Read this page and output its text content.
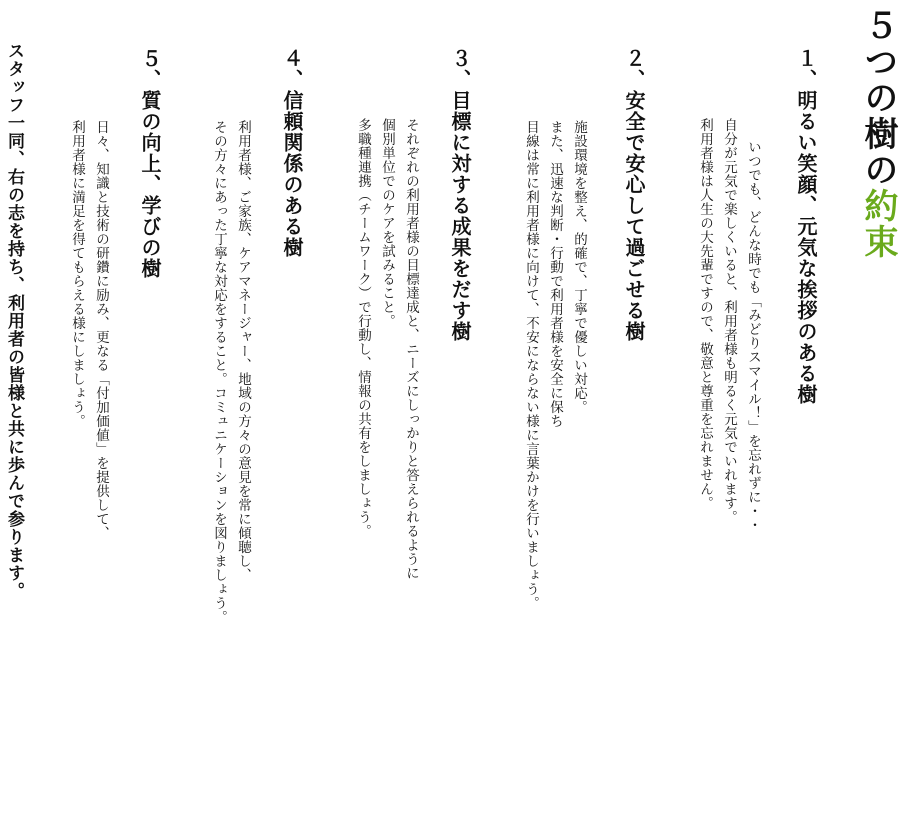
５つの樹の約束
１、明るい笑顔、元気な挨拶のある樹

いつでも、どんな時でも「みどりスマイル！」を忘れずに・・

自分が元気で楽しくいると、利用者様も明るく元気でいれます。

利用者様は人生の大先輩ですので、敬意と尊重を忘れません。

２、安全で安心して過ごせる樹

施設環境を整え、的確で、丁寧で優しい対応。

また、迅速な判断・行動で利用者様を安全に保ち

目線は常に利用者様に向けて、不安にならない様に言葉かけを行いましょう。

３、目標に対する成果をだす樹

それぞれの利用者様の目標達成と、ニーズにしっかりと答えられるように

個別単位でのケアを試みること。

多職種連携（チームワーク）で行動し、情報の共有をしましょう。

４、信頼関係のある樹

利用者様、ご家族、ケアマネージャー、地域の方々の意見を常に傾聴し、

その方々にあった丁寧な対応をすること。コミュニケーションを図りましょう。

５、質の向上、学びの樹

日々、知識と技術の研鑽に励み、更なる「付加価値」を提供して、

利用者様に満足を得てもらえる様にしましょう。

スタッフ一同、右の志を持ち、利用者の皆様と共に歩んで参ります。
